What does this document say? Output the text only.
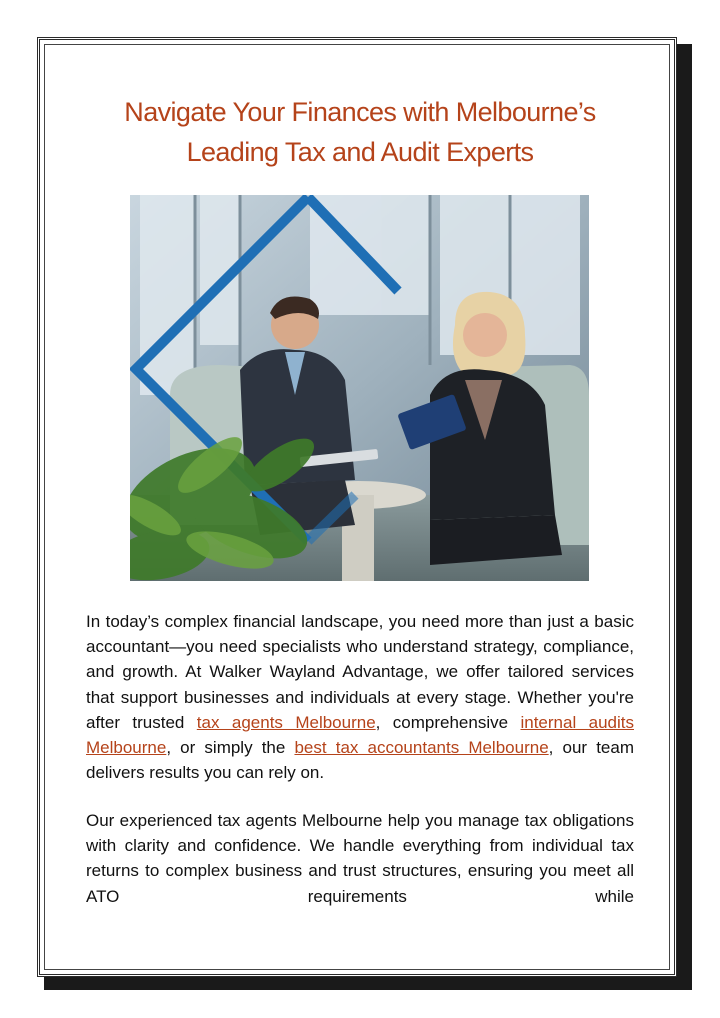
Navigate Your Finances with Melbourne’s
Leading Tax and Audit Experts

In today’s complex financial landscape, you need more than just a basic accountant—you need specialists who understand strategy, compliance, and growth. At Walker Wayland Advantage, we offer tailored services that support businesses and individuals at every stage. Whether you're after trusted tax agents Melbourne, comprehensive internal audits Melbourne, or simply the best tax accountants Melbourne, our team delivers results you can rely on.

Our experienced tax agents Melbourne help you manage tax obligations with clarity and confidence. We handle everything from individual tax returns to complex business and trust structures, ensuring you meet all ATO requirements while
